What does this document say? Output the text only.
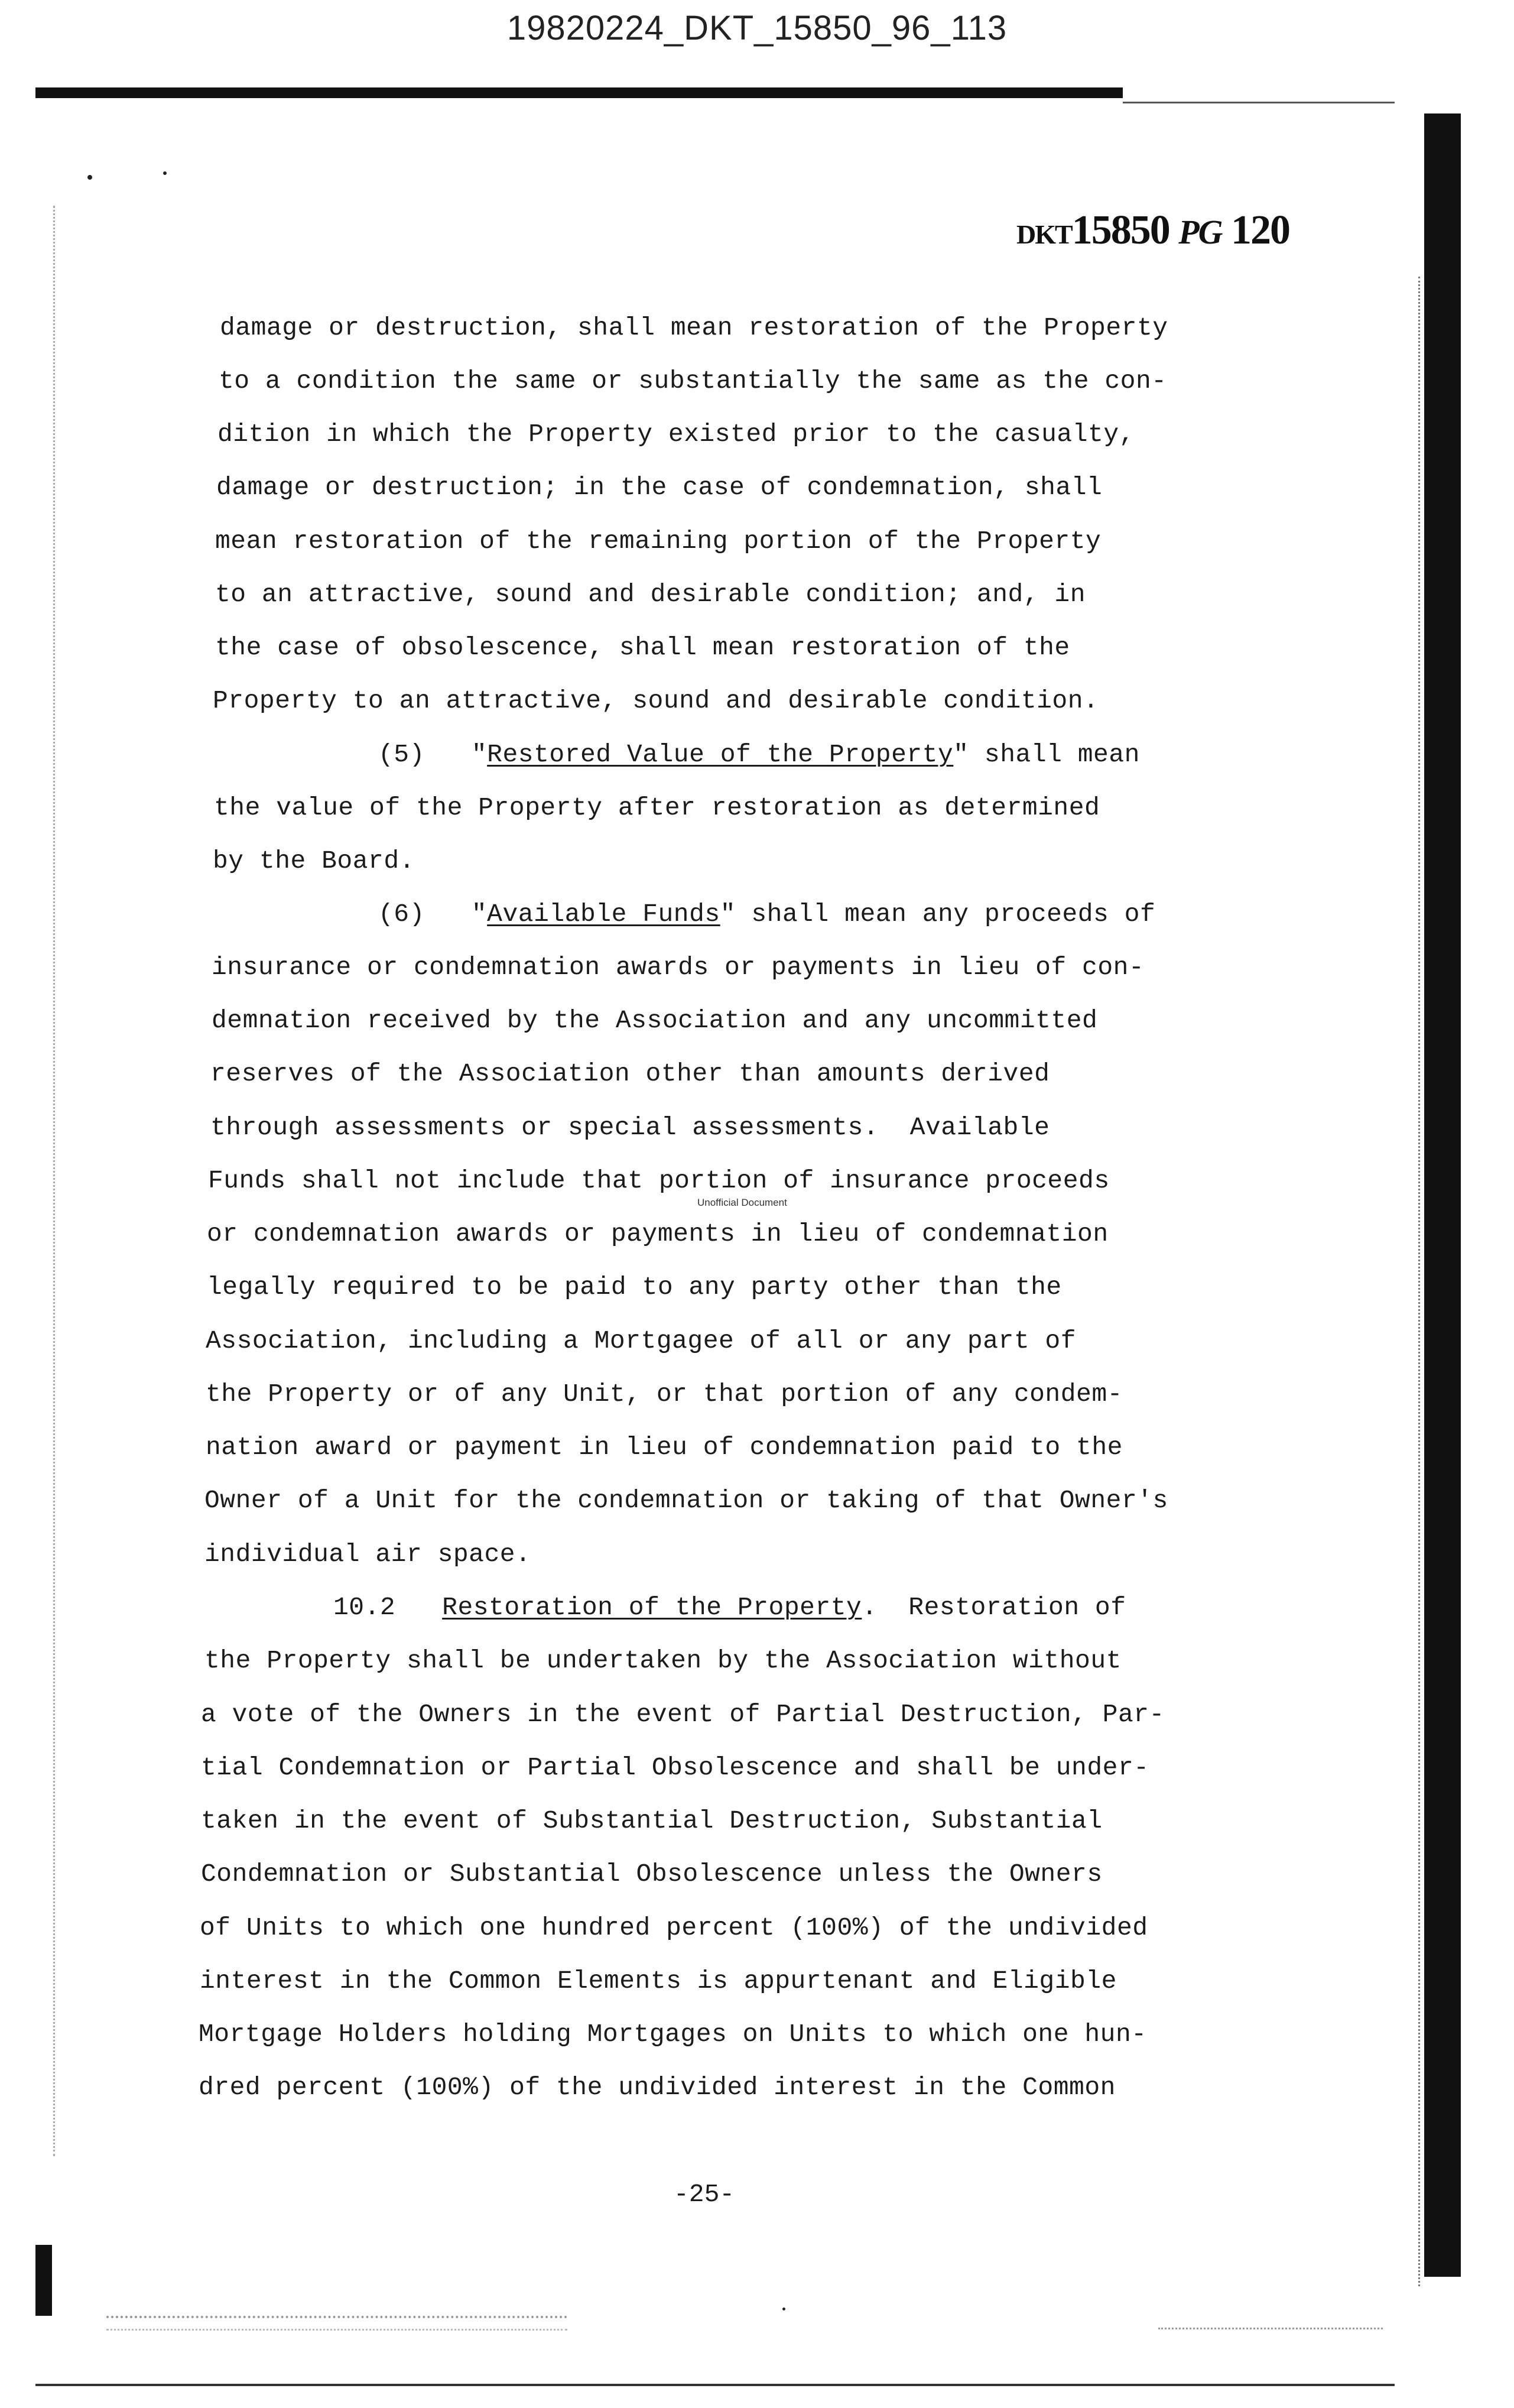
19820224_DKT_15850_96_113
DKT15850 PG 120
damage or destruction, shall mean restoration of the Property
to a condition the same or substantially the same as the con-
dition in which the Property existed prior to the casualty,
damage or destruction; in the case of condemnation, shall
mean restoration of the remaining portion of the Property
to an attractive, sound and desirable condition; and, in
the case of obsolescence, shall mean restoration of the
Property to an attractive, sound and desirable condition.
(5) "Restored Value of the Property" shall mean
the value of the Property after restoration as determined
by the Board.
(6) "Available Funds" shall mean any proceeds of
insurance or condemnation awards or payments in lieu of con-
demnation received by the Association and any uncommitted
reserves of the Association other than amounts derived
through assessments or special assessments.  Available
Funds shall not include that portion of insurance proceeds
Unofficial Document
or condemnation awards or payments in lieu of condemnation
legally required to be paid to any party other than the
Association, including a Mortgagee of all or any part of
the Property or of any Unit, or that portion of any condem-
nation award or payment in lieu of condemnation paid to the
Owner of a Unit for the condemnation or taking of that Owner's
individual air space.
10.2 Restoration of the Property.  Restoration of
the Property shall be undertaken by the Association without
a vote of the Owners in the event of Partial Destruction, Par-
tial Condemnation or Partial Obsolescence and shall be under-
taken in the event of Substantial Destruction, Substantial
Condemnation or Substantial Obsolescence unless the Owners
of Units to which one hundred percent (100%) of the undivided
interest in the Common Elements is appurtenant and Eligible
Mortgage Holders holding Mortgages on Units to which one hun-
dred percent (100%) of the undivided interest in the Common
-25-
